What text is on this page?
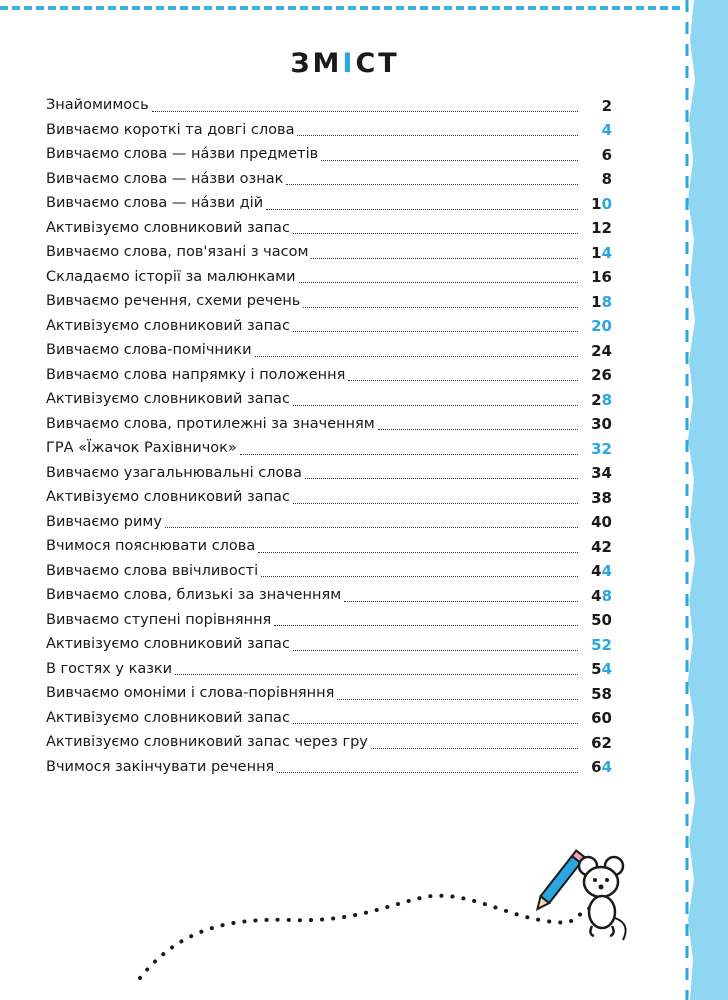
ЗМІСТ
Знайомимось	2
Вивчаємо короткі та довгі слова	4
Вивчаємо слова — на́зви предметів	6
Вивчаємо слова — на́зви ознак	8
Вивчаємо слова — на́зви дій	10
Активізуємо словниковий запас	12
Вивчаємо слова, пов'язані з часом	14
Складаємо історії за малюнками	16
Вивчаємо речення, схеми речень	18
Активізуємо словниковий запас	20
Вивчаємо слова-помічники	24
Вивчаємо слова напрямку і положення	26
Активізуємо словниковий запас	28
Вивчаємо слова, протилежні за значенням	30
ГРА «Їжачок Рахівничок»	32
Вивчаємо узагальнювальні слова	34
Активізуємо словниковий запас	38
Вивчаємо риму	40
Вчимося пояснювати слова	42
Вивчаємо слова ввічливості	44
Вивчаємо слова, близькі за значенням	48
Вивчаємо ступені порівняння	50
Активізуємо словниковий запас	52
В гостях у казки	54
Вивчаємо омоніми і слова-порівняння	58
Активізуємо словниковий запас	60
Активізуємо словниковий запас через гру	62
Вчимося закінчувати речення	64
